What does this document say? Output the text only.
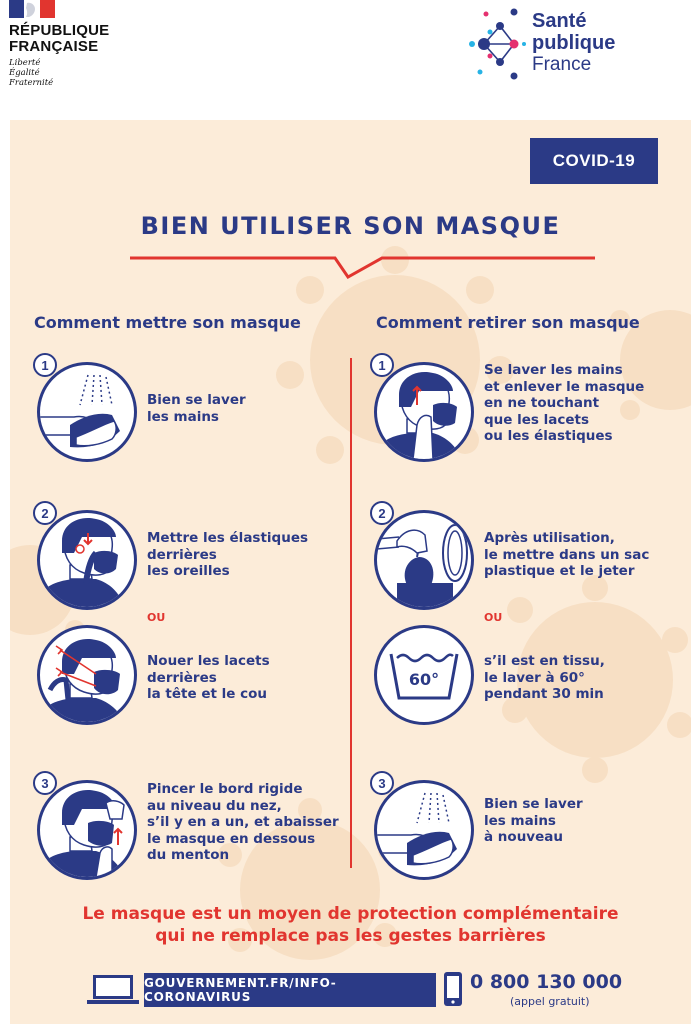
RÉPUBLIQUE
FRANÇAISE
Liberté
Égalité
Fraternité
Santé
publique
France
COVID-19
BIEN UTILISER SON MASQUE
Comment mettre son masque	Comment retirer son masque
1
Bien se laver
les mains
2
Mettre les élastiques
derrières
les oreilles
OU
Nouer les lacets
derrières
la tête et le cou
3	Pincer le bord rigide
au niveau du nez,
s’il y en a un, et abaisser
le masque en dessous
du menton
1	Se laver les mains
et enlever le masque
en ne touchant
que les lacets
ou les élastiques
2
Après utilisation,
le mettre dans un sac
plastique et le jeter
OU
60°
s’il est en tissu,
le laver à 60°
pendant 30 min
3
Bien se laver
les mains
à nouveau
Le masque est un moyen de protection complémentaire
qui ne remplace pas les gestes barrières
GOUVERNEMENT.FR/INFO-CORONAVIRUS
0 800 130 000
(appel gratuit)
